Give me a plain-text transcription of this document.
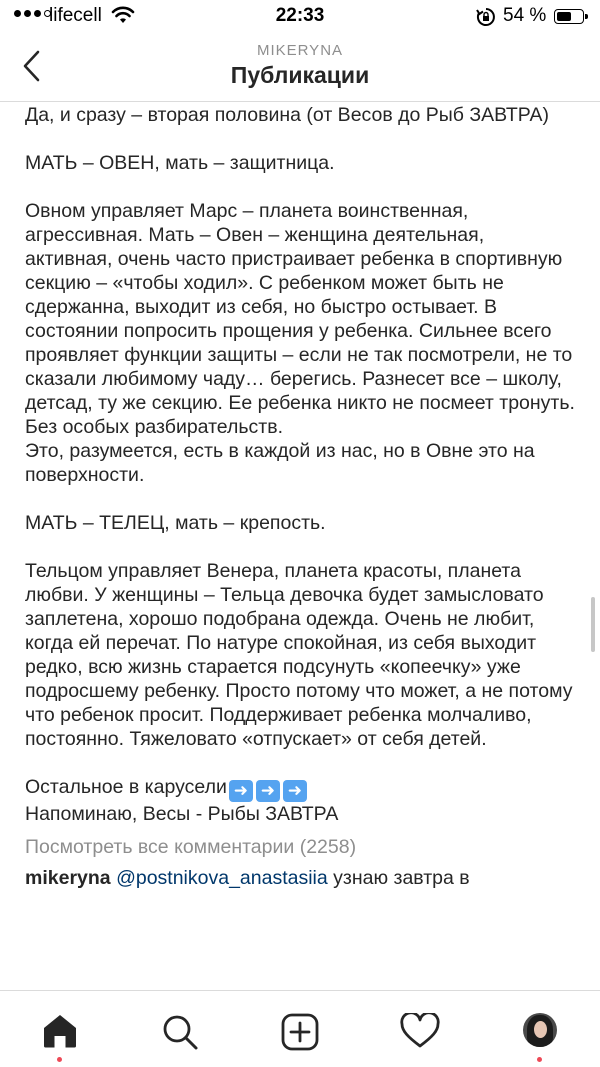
lifecell	22:33	54 %
MIKERYNA
Публикации

Да, и сразу – вторая половина (от Весов до Рыб ЗАВТРА)

МАТЬ – ОВЕН, мать – защитница.

Овном управляет Марс – планета воинственная, агрессивная. Мать – Овен – женщина деятельная, активная, очень часто пристраивает ребенка в спортивную секцию – «чтобы ходил». С ребенком может быть не сдержанна, выходит из себя, но быстро остывает. В состоянии попросить прощения у ребенка. Сильнее всего проявляет функции защиты – если не так посмотрели, не то сказали любимому чаду… берегись. Разнесет все – школу, детсад, ту же секцию. Ее ребенка никто не посмеет тронуть. Без особых разбирательств.

Это, разумеется, есть в каждой из нас, но в Овне это на поверхности.

МАТЬ – ТЕЛЕЦ, мать – крепость.

Тельцом управляет Венера, планета красоты, планета любви. У женщины – Тельца девочка будет замысловато заплетена, хорошо подобрана одежда. Очень не любит, когда ей перечат. По натуре спокойная, из себя выходит редко, всю жизнь старается подсунуть «копеечку» уже подросшему ребенку. Просто потому что может, а не потому что ребенок просит. Поддерживает ребенка молчаливо, постоянно. Тяжеловато «отпускает» от себя детей.

Остальное в карусели ➜ ➜ ➜

Напоминаю, Весы - Рыбы ЗАВТРА

Посмотреть все комментарии (2258)
mikeryna @postnikova_anastasiia узнаю завтра в
